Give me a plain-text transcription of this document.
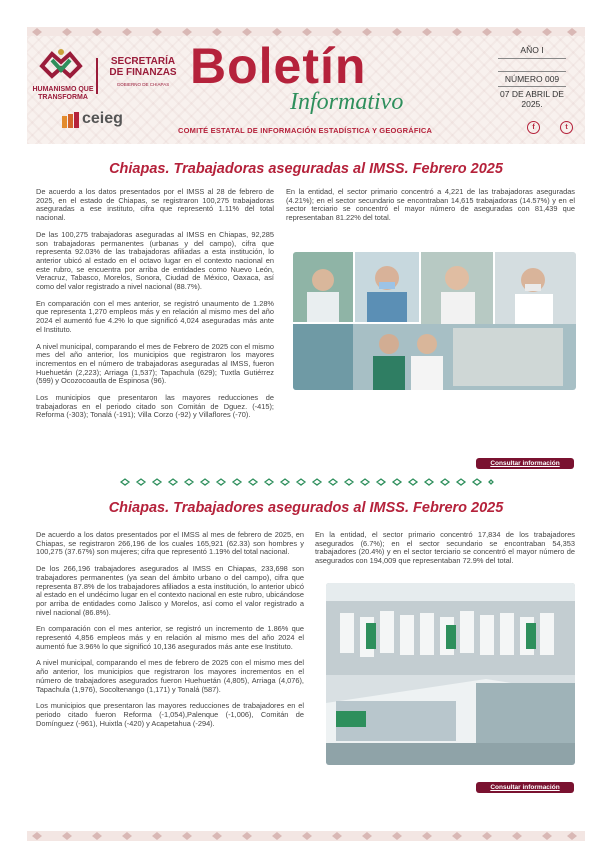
HUMANISMO QUE TRANSFORMA
SECRETARÍA DE FINANZAS
GOBIERNO DE CHIAPAS
ceieg
Boletín
Informativo
COMITÉ ESTATAL DE INFORMACIÓN ESTADÍSTICA Y GEOGRÁFICA
AÑO I
NÚMERO 009
07 DE ABRIL DE 2025.
f	t
Chiapas. Trabajadoras aseguradas al IMSS. Febrero 2025

De acuerdo a los datos presentados por el IMSS al 28 de febrero de 2025, en el estado de Chiapas, se registraron 100,275 trabajadoras aseguradas a ese instituto, cifra que representó 1.11% del total nacional.

De las 100,275 trabajadoras aseguradas al IMSS en Chiapas, 92,285 son trabajadoras permanentes (urbanas y del campo), cifra que representa 92.03% de las trabajadoras afiliadas a esta institución, lo anterior ubicó al estado en el octavo lugar en el contexto nacional en este rubro, se encuentra por arriba de entidades como Nuevo León, Veracruz, Tabasco, Morelos, Sonora, Ciudad de México, Oaxaca, así como del valor registrado a nivel nacional (88.7%).

En comparación con el mes anterior, se registró unaumento de 1.28% que representa 1,270 empleos más y en relación al mismo mes del año 2024 el aumentó fue 4.2% lo que significó 4,024 aseguradas más ante el Instituto.

A nivel municipal, comparando el mes de Febrero de 2025 con el mismo mes del año anterior, los municipios que registraron los mayores incrementos en el número de trabajadoras aseguradas al IMSS, fueron Huehuetán (2,223); Arriaga (1,537); Tapachula (629); Tuxtla Gutiérrez (599) y Ocozocoautla de Espinosa (96).

Los municipios que presentaron las mayores reducciones de trabajadoras en el periodo citado son Comitán de Dguez. (-415); Reforma (-303); Tonalá (-191); Villa Corzo (-92) y Villaflores (-70).

En la entidad, el sector primario concentró a 4,221 de las trabajadoras aseguradas (4.21%); en el sector secundario se encontraban 14,615 trabajadoras (14.57%) y en el sector terciario se concentró el mayor número de aseguradas con 81,439 que representaban 81.22% del total.

Consultar información
Chiapas. Trabajadores asegurados al IMSS. Febrero 2025

De acuerdo a los datos presentados por el IMSS al mes de febrero de 2025, en Chiapas, se registraron 266,196 de los cuales 165,921 (62.33) son hombres y 100,275 (37.67%) son mujeres; cifra que representó 1.19% del total nacional.

De los 266,196 trabajadores asegurados al IMSS en Chiapas, 233,698 son trabajadores permanentes (ya sean del ámbito urbano o del campo), cifra que representa 87.8% de los trabajadores afiliados a esta institución, lo anterior ubicó al estado en el undécimo lugar en el contexto nacional en este rubro, ubicándose por arriba de entidades como Jalisco y Morelos, así como el valor registrado a nivel nacional (86.8%).

En comparación con el mes anterior, se registró un incremento de 1.86% que representó 4,856 empleos más y en relación al mismo mes del año 2024 el aumentó fue 3.96% lo que significó 10,136 asegurados más ante ese Instituto.

A nivel municipal, comparando el mes de febrero de 2025 con el mismo mes del año anterior, los municipios que registraron los mayores incrementos en el número de trabajadores asegurados fueron Huehuetán (4,805), Arriaga (4,076), Tapachula (1,976), Socoltenango (1,171) y Tonalá (587).

Los municipios que presentaron las mayores reducciones de trabajadores en el periodo citado fueron Reforma (-1,054),Palenque (-1,006), Comitán de Domínguez (-961), Huixtla (-420) y Acapetahua (-294).

En la entidad, el sector primario concentró 17,834 de los trabajadores asegurados (6.7%); en el sector secundario se encontraban 54,353 trabajadores (20.4%) y en el sector terciario se concentró el mayor número de asegurados con 194,009 que representaban 72.9% del total.

Consultar información
